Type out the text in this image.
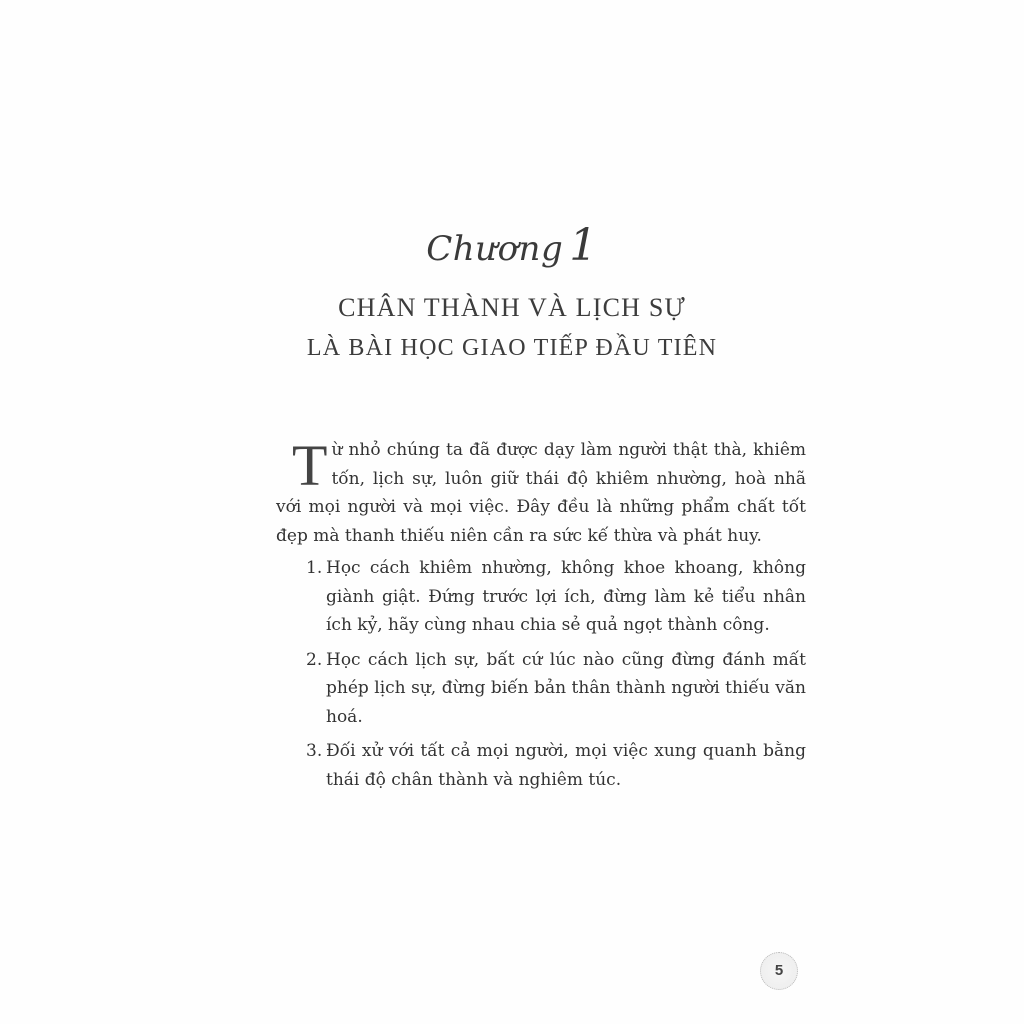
Chương 1
CHÂN THÀNH VÀ LỊCH SỰ
LÀ BÀI HỌC GIAO TIẾP ĐẦU TIÊN

Từ nhỏ chúng ta đã được dạy làm người thật thà, khiêm tốn, lịch sự, luôn giữ thái độ khiêm nhường, hoà nhã với mọi người và mọi việc. Đây đều là những phẩm chất tốt đẹp mà thanh thiếu niên cần ra sức kế thừa và phát huy.

1. Học cách khiêm nhường, không khoe khoang, không giành giật. Đứng trước lợi ích, đừng làm kẻ tiểu nhân ích kỷ, hãy cùng nhau chia sẻ quả ngọt thành công.
2. Học cách lịch sự, bất cứ lúc nào cũng đừng đánh mất phép lịch sự, đừng biến bản thân thành người thiếu văn hoá.
3. Đối xử với tất cả mọi người, mọi việc xung quanh bằng thái độ chân thành và nghiêm túc.
5
